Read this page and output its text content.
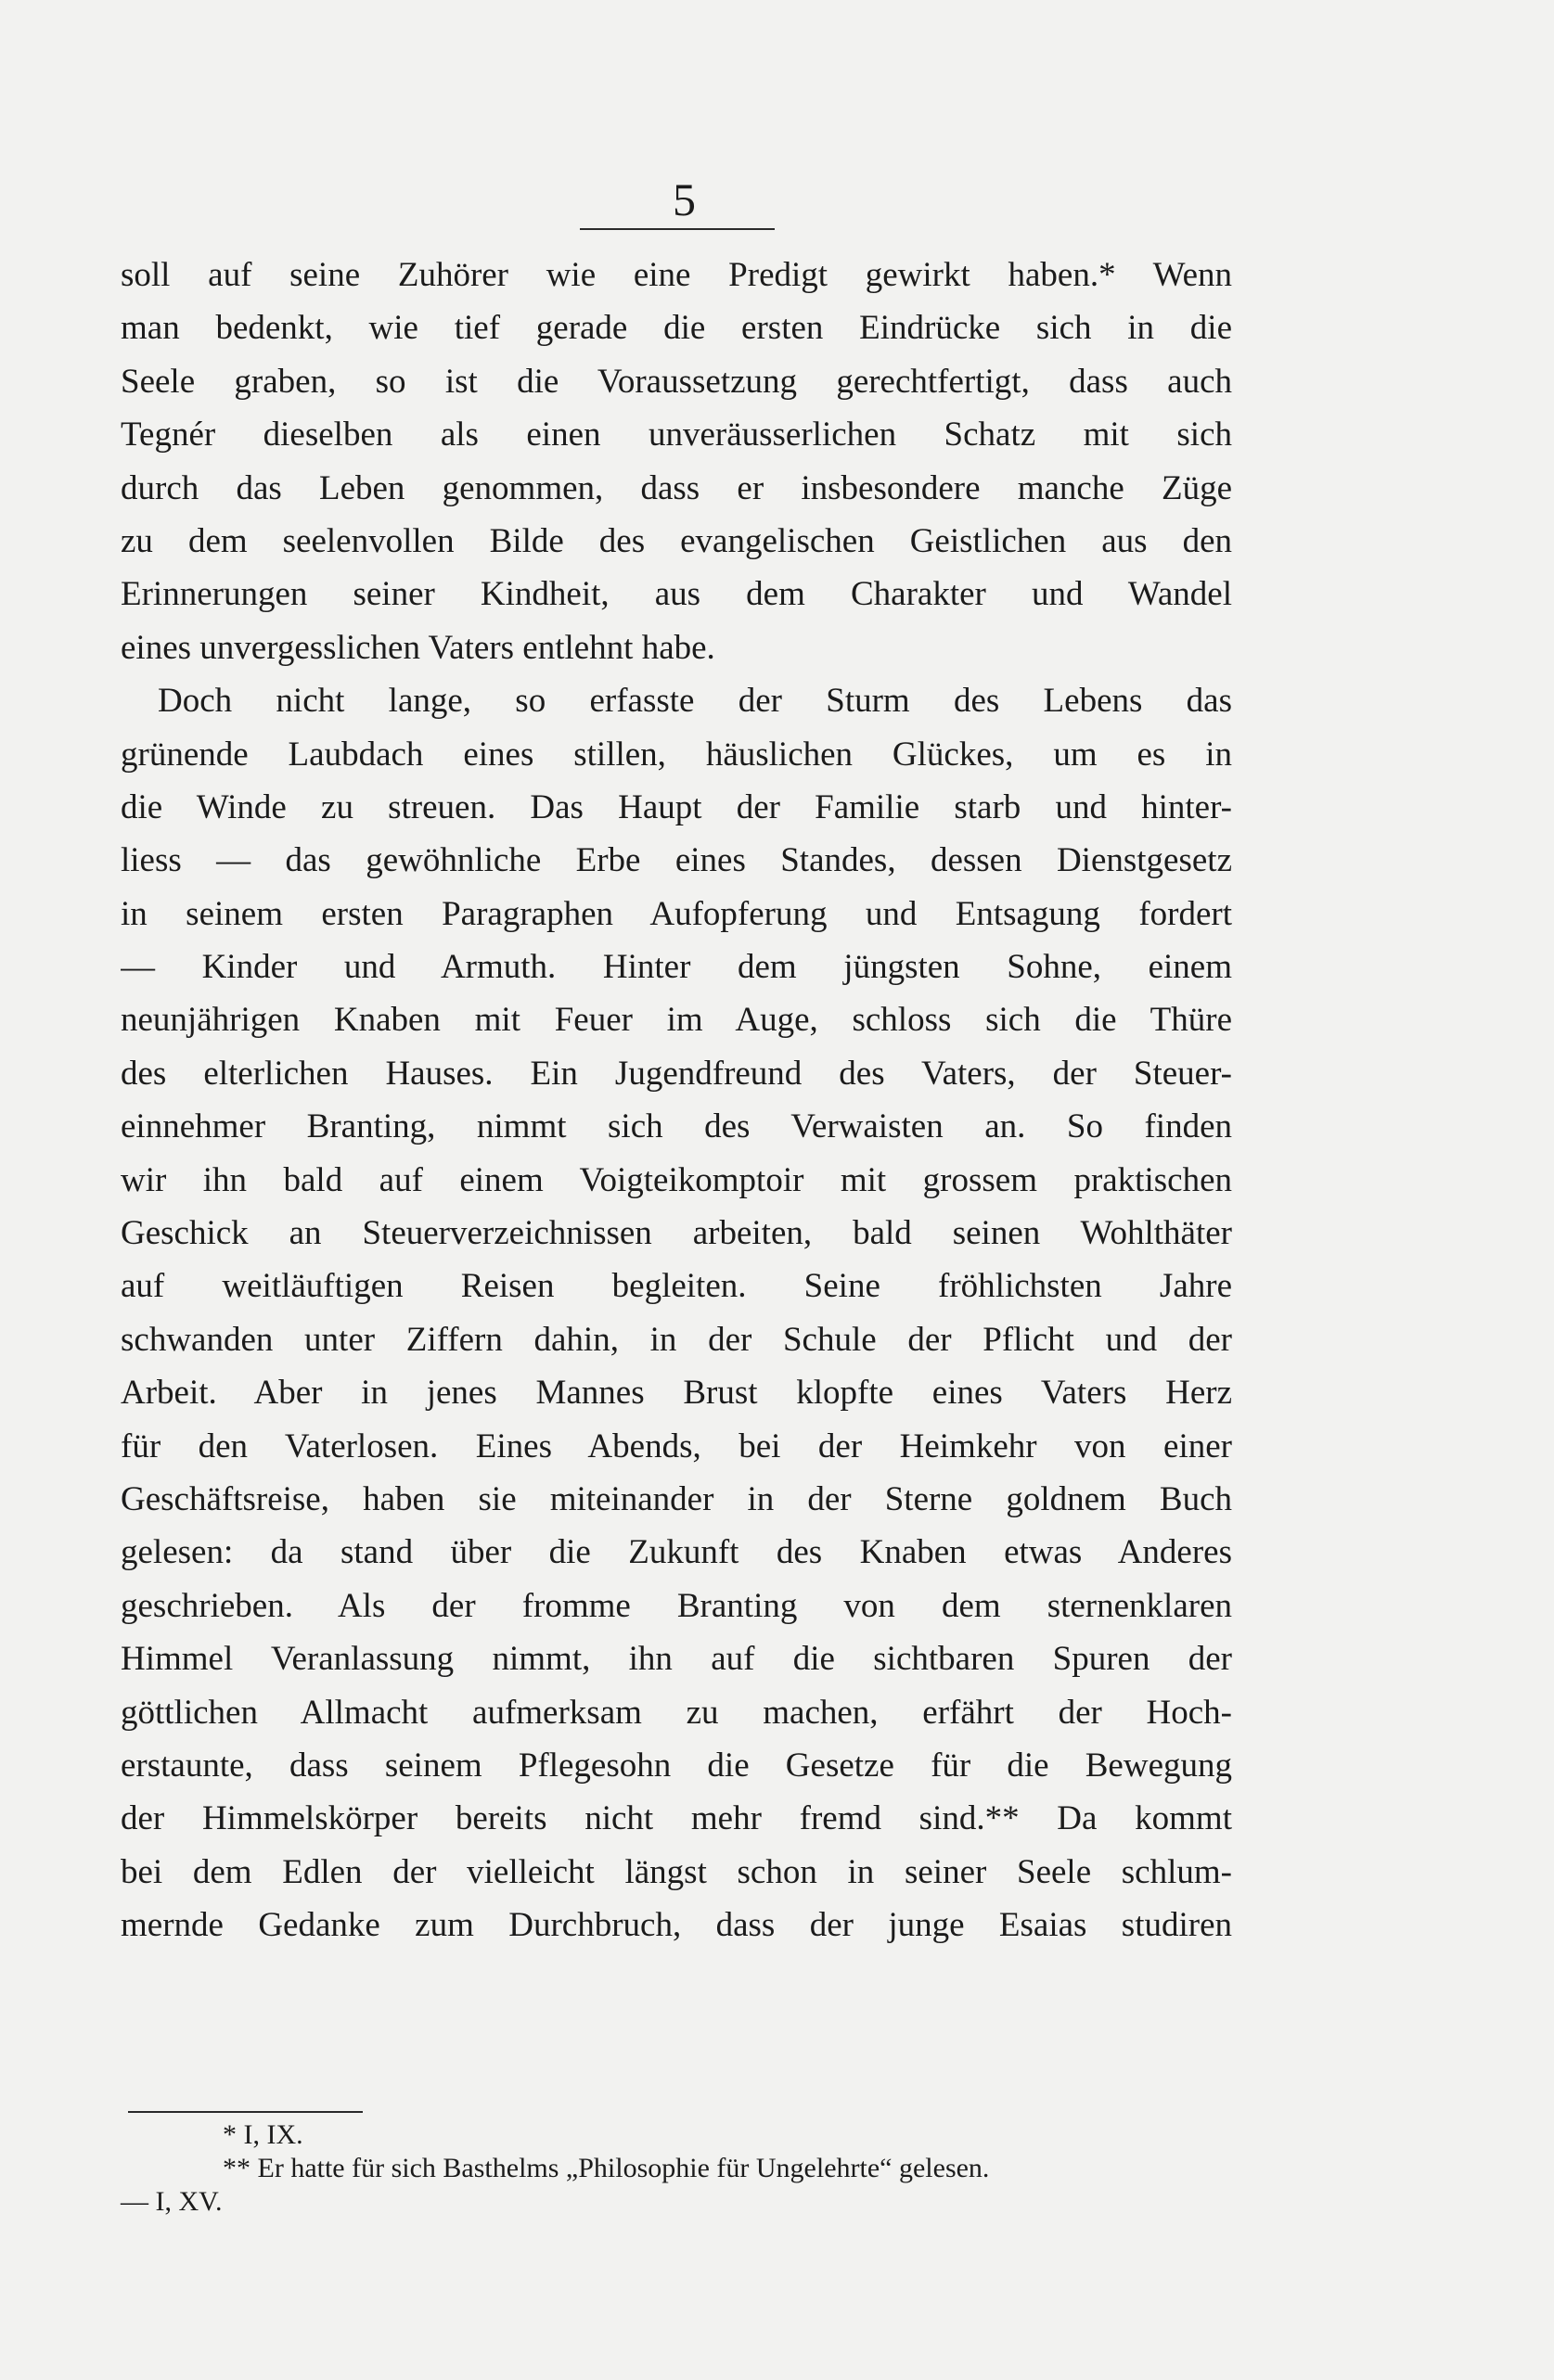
5
soll auf seine Zuhörer wie eine Predigt gewirkt haben.* Wenn
man bedenkt, wie tief gerade die ersten Eindrücke sich in die
Seele graben, so ist die Voraussetzung gerechtfertigt, dass auch
Tegnér dieselben als einen unveräusserlichen Schatz mit sich
durch das Leben genommen, dass er insbesondere manche Züge
zu dem seelenvollen Bilde des evangelischen Geistlichen aus den
Erinnerungen seiner Kindheit, aus dem Charakter und Wandel
eines unvergesslichen Vaters entlehnt habe.
Doch nicht lange, so erfasste der Sturm des Lebens das
grünende Laubdach eines stillen, häuslichen Glückes, um es in
die Winde zu streuen. Das Haupt der Familie starb und hinter-
liess — das gewöhnliche Erbe eines Standes, dessen Dienstgesetz
in seinem ersten Paragraphen Aufopferung und Entsagung fordert
— Kinder und Armuth. Hinter dem jüngsten Sohne, einem
neunjährigen Knaben mit Feuer im Auge, schloss sich die Thüre
des elterlichen Hauses. Ein Jugendfreund des Vaters, der Steuer-
einnehmer Branting, nimmt sich des Verwaisten an. So finden
wir ihn bald auf einem Voigteikomptoir mit grossem praktischen
Geschick an Steuerverzeichnissen arbeiten, bald seinen Wohlthäter
auf weitläuftigen Reisen begleiten. Seine fröhlichsten Jahre
schwanden unter Ziffern dahin, in der Schule der Pflicht und der
Arbeit. Aber in jenes Mannes Brust klopfte eines Vaters Herz
für den Vaterlosen. Eines Abends, bei der Heimkehr von einer
Geschäftsreise, haben sie miteinander in der Sterne goldnem Buch
gelesen: da stand über die Zukunft des Knaben etwas Anderes
geschrieben. Als der fromme Branting von dem sternenklaren
Himmel Veranlassung nimmt, ihn auf die sichtbaren Spuren der
göttlichen Allmacht aufmerksam zu machen, erfährt der Hoch-
erstaunte, dass seinem Pflegesohn die Gesetze für die Bewegung
der Himmelskörper bereits nicht mehr fremd sind.** Da kommt
bei dem Edlen der vielleicht längst schon in seiner Seele schlum-
mernde Gedanke zum Durchbruch, dass der junge Esaias studiren
* I, IX.
** Er hatte für sich Basthelms „Philosophie für Ungelehrte“ gelesen.
— I, XV.
